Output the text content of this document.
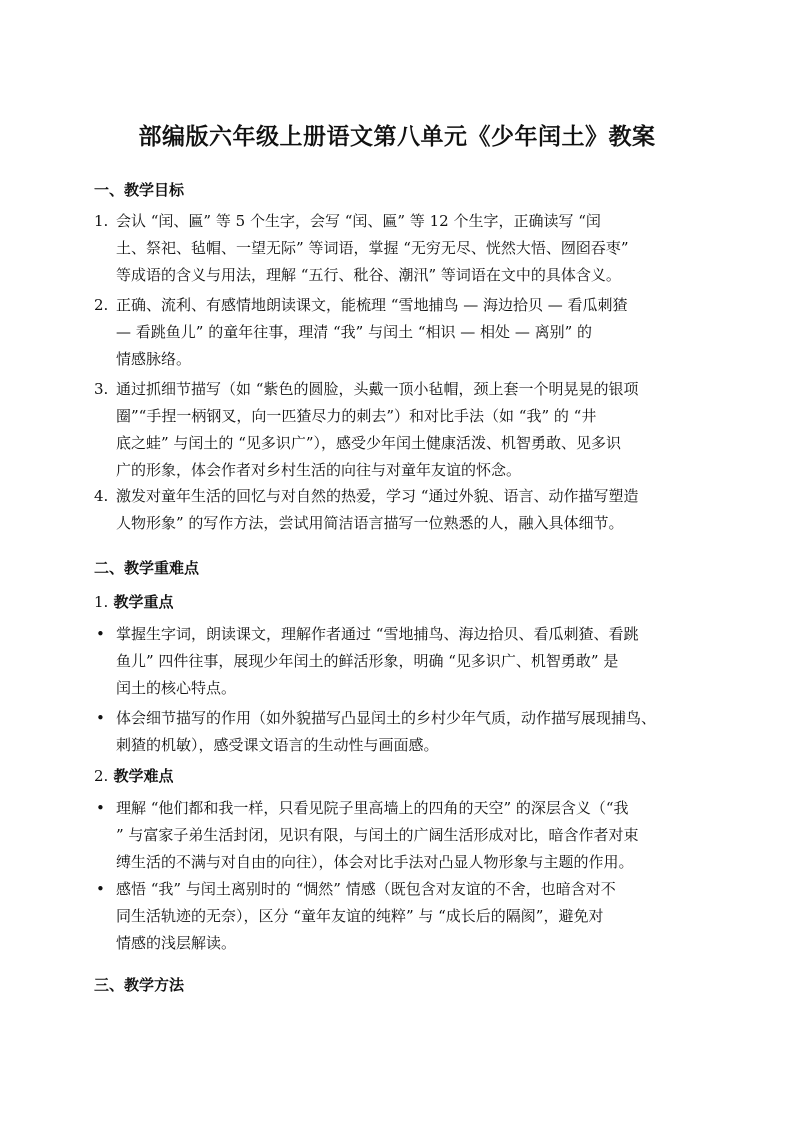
部编版六年级上册语文第八单元《少年闰土》教案
一、教学目标
1. 会认 “闰、匾” 等 5 个生字，会写 “闰、匾” 等 12 个生字，正确读写 “闰
土、祭祀、毡帽、一望无际” 等词语，掌握 “无穷无尽、恍然大悟、囫囵吞枣”
等成语的含义与用法，理解 “五行、秕谷、潮汛” 等词语在文中的具体含义。
2. 正确、流利、有感情地朗读课文，能梳理 “雪地捕鸟 — 海边拾贝 — 看瓜刺猹
— 看跳鱼儿” 的童年往事，理清 “我” 与闰土 “相识 — 相处 — 离别” 的
情感脉络。
3. 通过抓细节描写（如 “紫色的圆脸，头戴一顶小毡帽，颈上套一个明晃晃的银项
圈”“手捏一柄钢叉，向一匹猹尽力的刺去”）和对比手法（如 “我” 的 “井
底之蛙” 与闰土的 “见多识广”），感受少年闰土健康活泼、机智勇敢、见多识
广的形象，体会作者对乡村生活的向往与对童年友谊的怀念。
4. 激发对童年生活的回忆与对自然的热爱，学习 “通过外貌、语言、动作描写塑造
人物形象” 的写作方法，尝试用简洁语言描写一位熟悉的人，融入具体细节。
二、教学重难点
1. 教学重点
• 掌握生字词，朗读课文，理解作者通过 “雪地捕鸟、海边拾贝、看瓜刺猹、看跳
鱼儿” 四件往事，展现少年闰土的鲜活形象，明确 “见多识广、机智勇敢” 是
闰土的核心特点。
• 体会细节描写的作用（如外貌描写凸显闰土的乡村少年气质，动作描写展现捕鸟、
刺猹的机敏），感受课文语言的生动性与画面感。
2. 教学难点
• 理解 “他们都和我一样，只看见院子里高墙上的四角的天空” 的深层含义（“我
” 与富家子弟生活封闭，见识有限，与闰土的广阔生活形成对比，暗含作者对束
缚生活的不满与对自由的向往），体会对比手法对凸显人物形象与主题的作用。
• 感悟 “我” 与闰土离别时的 “惆然” 情感（既包含对友谊的不舍，也暗含对不
同生活轨迹的无奈），区分 “童年友谊的纯粹” 与 “成长后的隔阂”，避免对
情感的浅层解读。
三、教学方法
